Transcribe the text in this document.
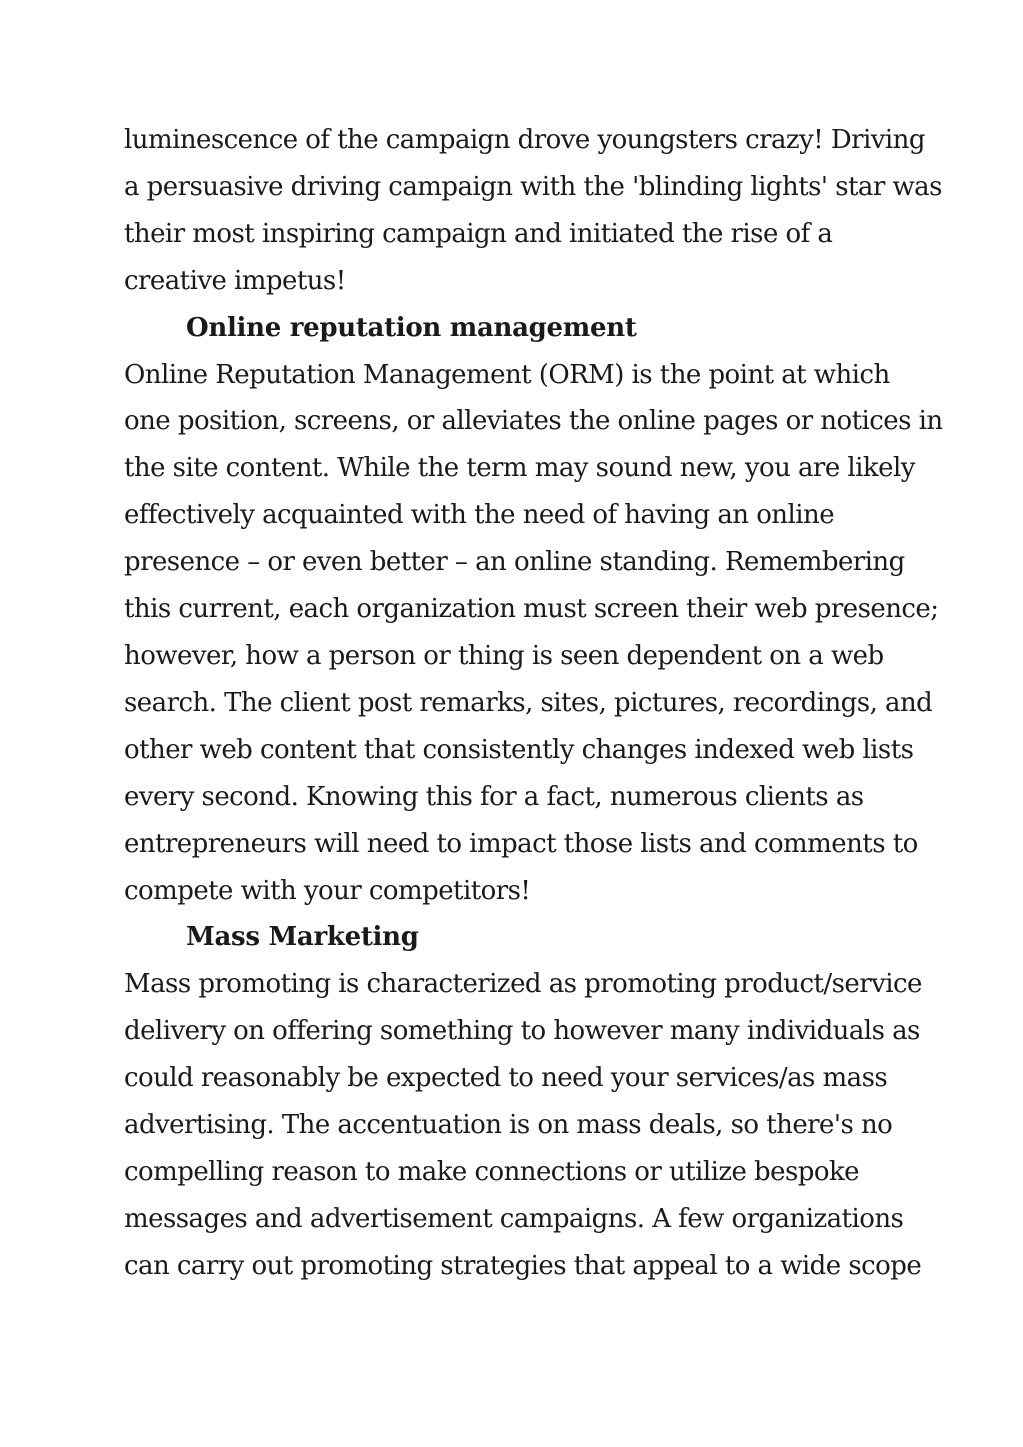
luminescence of the campaign drove youngsters crazy! Driving
a persuasive driving campaign with the 'blinding lights' star was
their most inspiring campaign and initiated the rise of a
creative impetus!
Online reputation management
Online Reputation Management (ORM) is the point at which
one position, screens, or alleviates the online pages or notices in
the site content. While the term may sound new, you are likely
effectively acquainted with the need of having an online
presence – or even better – an online standing. Remembering
this current, each organization must screen their web presence;
however, how a person or thing is seen dependent on a web
search. The client post remarks, sites, pictures, recordings, and
other web content that consistently changes indexed web lists
every second. Knowing this for a fact, numerous clients as
entrepreneurs will need to impact those lists and comments to
compete with your competitors!
Mass Marketing
Mass promoting is characterized as promoting product/service
delivery on offering something to however many individuals as
could reasonably be expected to need your services/as mass
advertising. The accentuation is on mass deals, so there's no
compelling reason to make connections or utilize bespoke
messages and advertisement campaigns. A few organizations
can carry out promoting strategies that appeal to a wide scope
